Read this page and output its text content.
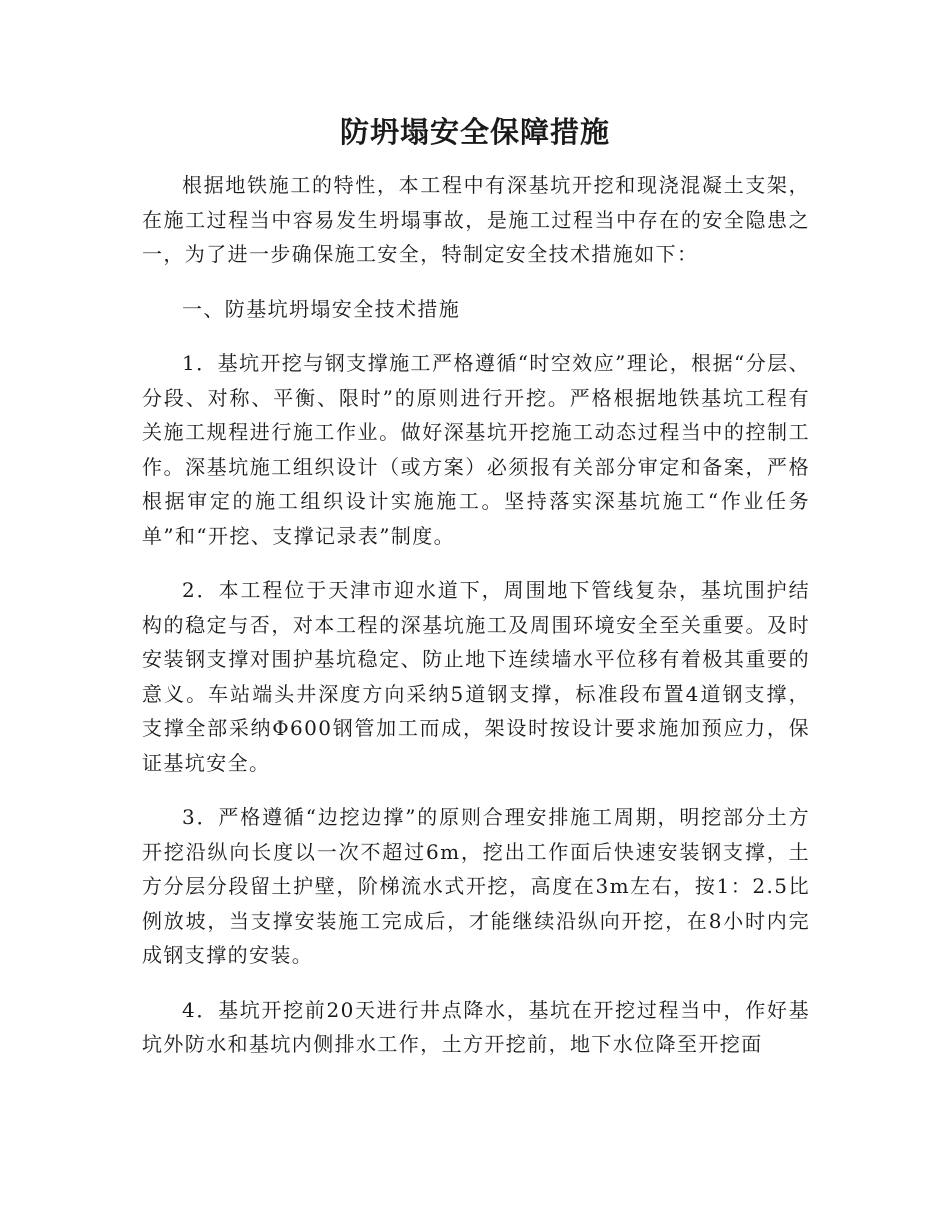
防坍塌安全保障措施

根据地铁施工的特性，本工程中有深基坑开挖和现浇混凝土支架，在施工过程当中容易发生坍塌事故，是施工过程当中存在的安全隐患之一，为了进一步确保施工安全，特制定安全技术措施如下：

一、防基坑坍塌安全技术措施

1．基坑开挖与钢支撑施工严格遵循“时空效应”理论，根据“分层、分段、对称、平衡、限时”的原则进行开挖。严格根据地铁基坑工程有关施工规程进行施工作业。做好深基坑开挖施工动态过程当中的控制工作。深基坑施工组织设计（或方案）必须报有关部分审定和备案，严格根据审定的施工组织设计实施施工。坚持落实深基坑施工“作业任务单”和“开挖、支撑记录表”制度。

2．本工程位于天津市迎水道下，周围地下管线复杂，基坑围护结构的稳定与否，对本工程的深基坑施工及周围环境安全至关重要。及时安装钢支撑对围护基坑稳定、防止地下连续墙水平位移有着极其重要的意义。车站端头井深度方向采纳5道钢支撑，标准段布置4道钢支撑，支撑全部采纳Φ600钢管加工而成，架设时按设计要求施加预应力，保证基坑安全。

3．严格遵循“边挖边撑”的原则合理安排施工周期，明挖部分土方开挖沿纵向长度以一次不超过6m，挖出工作面后快速安装钢支撑，土方分层分段留土护壁，阶梯流水式开挖，高度在3m左右，按1：2.5比例放坡，当支撑安装施工完成后，才能继续沿纵向开挖，在8小时内完成钢支撑的安装。

4．基坑开挖前20天进行井点降水，基坑在开挖过程当中，作好基坑外防水和基坑内侧排水工作，土方开挖前，地下水位降至开挖面
